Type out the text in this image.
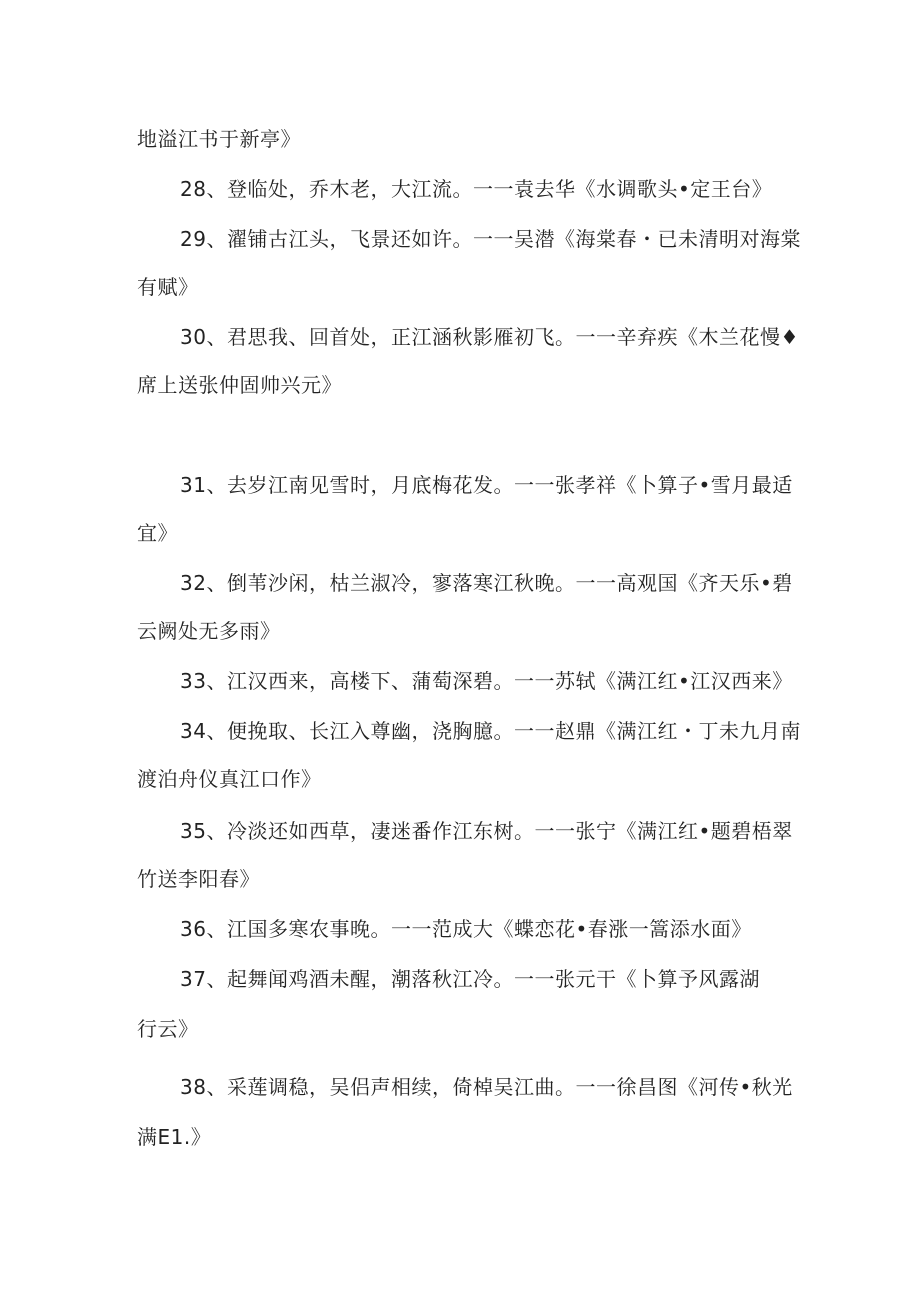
地溢江书于新亭》
28、登临处，乔木老，大江流。一一袁去华《水调歌头•定王台》
29、濯铺古江头，飞景还如许。一一吴潜《海棠春・已未清明对海棠
有赋》
30、君思我、回首处，正江涵秋影雁初飞。一一辛弃疾《木兰花慢♦
席上送张仲固帅兴元》
31、去岁江南见雪时，月底梅花发。一一张孝祥《卜算子•雪月最适
宜》
32、倒苇沙闲，枯兰淑冷，寥落寒江秋晚。一一高观国《齐天乐•碧
云阙处无多雨》
33、江汉西来，高楼下、蒲萄深碧。一一苏轼《满江红•江汉西来》
34、便挽取、长江入尊幽，浇胸臆。一一赵鼎《满江红・丁未九月南
渡泊舟仪真江口作》
35、冷淡还如西草，凄迷番作江东树。一一张宁《满江红•题碧梧翠
竹送李阳春》
36、江国多寒农事晚。一一范成大《蝶恋花•春涨一篙添水面》
37、起舞闻鸡酒未醒，潮落秋江冷。一一张元干《卜算予风露湖
行云》
38、采莲调稳，吴侣声相续，倚棹吴江曲。一一徐昌图《河传•秋光
满E1.》
